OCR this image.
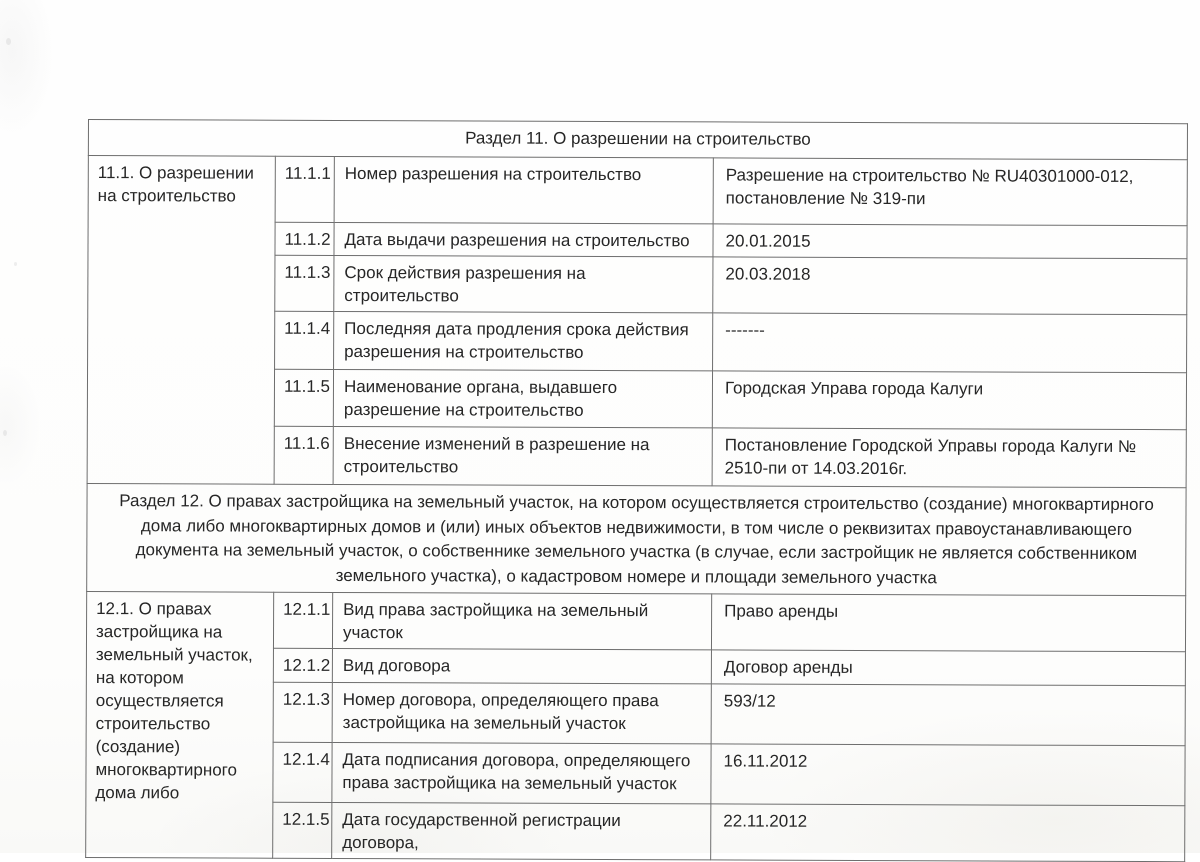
Раздел 11. О разрешении на строительство			
11.1. О разрешении на строительство	11.1.1	Номер разрешения на строительство	Разрешение на строительство № RU40301000-012, постановление № 319-пи
	11.1.2	Дата выдачи разрешения на строительство	20.01.2015
	11.1.3	Срок действия разрешения на строительство	20.03.2018
	11.1.4	Последняя дата продления срока действия разрешения на строительство	-------
	11.1.5	Наименование органа, выдавшего разрешение на строительство	Городская Управа города Калуги
	11.1.6	Внесение изменений в разрешение на строительство	Постановление Городской Управы города Калуги № 2510-пи от 14.03.2016г.
Раздел 12. О правах застройщика на земельный участок, на котором осуществляется строительство (создание) многоквартирного дома либо многоквартирных домов и (или) иных объектов недвижимости, в том числе о реквизитах правоустанавливающего документа на земельный участок, о собственнике земельного участка (в случае, если застройщик не является собственником земельного участка), о кадастровом номере и площади земельного участка			
12.1. О правах застройщика на земельный участок, на котором осуществляется строительство (создание) многоквартирного дома либо	12.1.1	Вид права застройщика на земельный участок	Право аренды
	12.1.2	Вид договора	Договор аренды
	12.1.3	Номер договора, определяющего права застройщика на земельный участок	593/12
	12.1.4	Дата подписания договора, определяющего права застройщика на земельный участок	16.11.2012
	12.1.5	Дата государственной регистрации договора,	22.11.2012
